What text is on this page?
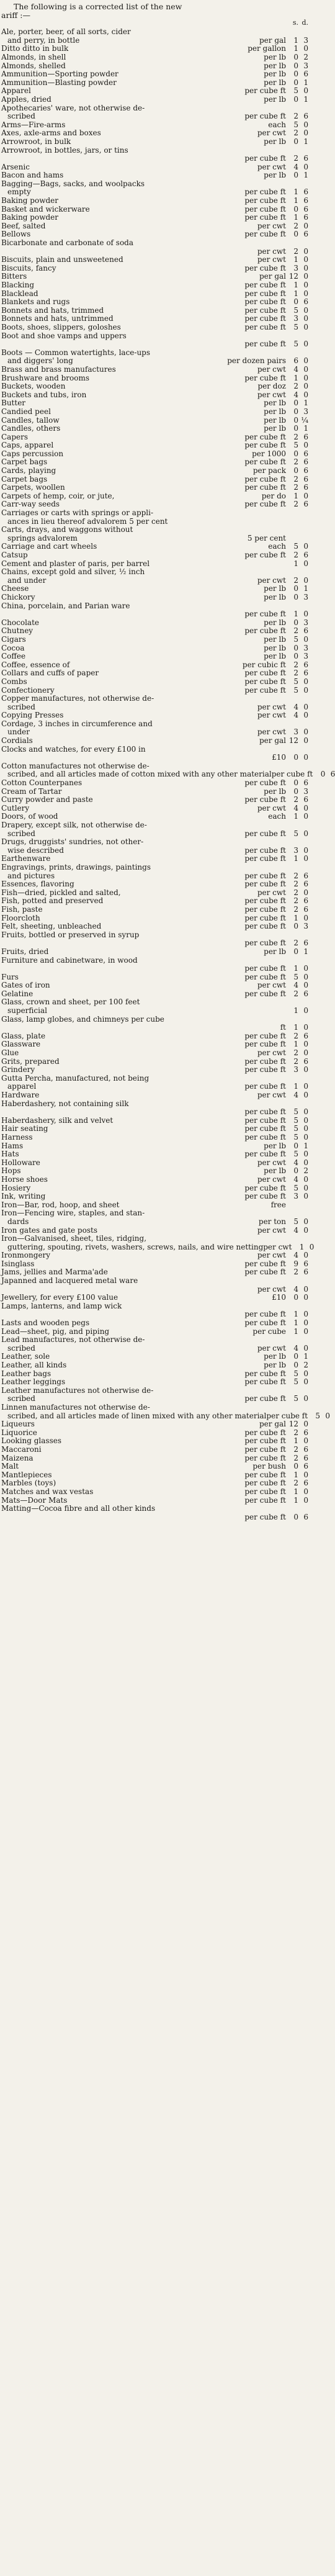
The following is a corrected list of the new
ariff :—
s. d.
Ale, porter, beer, of all sorts, cider
and perry, in bottle	per gal	1 3
Ditto ditto in bulk	per gallon	1 0
Almonds, in shell	per lb	0 2
Almonds, shelled	per lb	0 3
Ammunition—Sporting powder	per lb	0 6
Ammunition—Blasting powder	per lb	0 1
Apparel	per cube ft	5 0
Apples, dried	per lb	0 1
Apothecaries' ware, not otherwise de-
scribed	per cube ft	2 6
Arms—Fire-arms	each	5 0
Axes, axle-arms and boxes	per cwt	2 0
Arrowroot, in bulk	per lb	0 1
Arrowroot, in bottles, jars, or tins
per cube ft	2 6
Arsenic	per cwt	4 0
Bacon and hams	per lb	0 1
Bagging—Bags, sacks, and woolpacks
empty	per cube ft	1 6
Baking powder	per cube ft	1 6
Basket and wickerware	per cube ft	0 6
Baking powder	per cube ft	1 6
Beef, salted	per cwt	2 0
Bellows	per cube ft	0 6
Bicarbonate and carbonate of soda
per cwt	2 0
Biscuits, plain and unsweetened	per cwt	1 0
Biscuits, fancy	per cube ft	3 0
Bitters	per gal 12 0
Blacking	per cube ft	1 0
Blacklead	per cube ft	1 0
Blankets and rugs	per cube ft	0 6
Bonnets and hats, trimmed	per cube ft	5 0
Bonnets and hats, untrimmed	per cube ft	3 0
Boots, shoes, slippers, goloshes	per cube ft	5 0
Boot and shoe vamps and uppers
per cube ft	5 0
Boots — Common watertights, lace-ups
and diggers' long	per dozen pairs	6 0
Brass and brass manufactures	per cwt	4 0
Brushware and brooms	per cube ft	1 0
Buckets, wooden	per doz	2 0
Buckets and tubs, iron	per cwt	4 0
Butter	per lb	0 1
Candied peel	per lb	0 3
Candles, tallow	per lb	0 ¼
Candles, others	per lb	0 1
Capers	per cube ft	2 6
Caps, apparel	per cube ft	5 0
Caps percussion	per 1000	0 6
Carpet bags	per cube ft	2 6
Cards, playing	per pack	0 6
Carpet bags	per cube ft	2 6
Carpets, woollen	per cube ft	2 6
Carpets of hemp, coir, or jute,	per do	1 0
Carr-way seeds	per cube ft	2 6
Carriages or carts with springs or appli-
ances in lieu thereof advalorem 5 per cent
Carts, drays, and waggons without
springs advalorem	5 per cent
Carriage and cart wheels	each	5 0
Catsup	per cube ft	2 6
Cement and plaster of paris, per barrel	1 0
Chains, except gold and silver, ½ inch
and under	per cwt	2 0
Cheese	per lb	0 1
Chickory	per lb	0 3
China, porcelain, and Parian ware
per cube ft	1 0
Chocolate	per lb	0 3
Chutney	per cube ft	2 6
Cigars	per lb	5 0
Cocoa	per lb	0 3
Coffee	per lb	0 3
Coffee, essence of	per cubic ft	2 6
Collars and cuffs of paper	per cube ft	2 6
Combs	per cube ft	5 0
Confectionery	per cube ft	5 0
Copper manufactures, not otherwise de-
scribed	per cwt	4 0
Copying Presses	per cwt	4 0
Cordage, 3 inches in circumference and
under	per cwt	3 0
Cordials	per gal 12 0
Clocks and watches, for every £100 in
£10	0 0
Cotton manufactures not otherwise de-
scribed, and all articles made of cotton mixed with any other material per cube ft	0 6
Cotton Counterpanes	per cube ft	0 6
Cream of Tartar	per lb	0 3
Curry powder and paste	per cube ft	2 6
Cutlery	per cwt	4 0
Doors, of wood	each	1 0
Drapery, except silk, not otherwise de-
scribed	per cube ft	5 0
Drugs, druggists' sundries, not other-
wise described	per cube ft	3 0
Earthenware	per cube ft	1 0
Engravings, prints, drawings, paintings
and pictures	per cube ft	2 6
Essences, flavoring	per cube ft	2 6
Fish—dried, pickled and salted,	per cwt	2 0
Fish, potted and preserved	per cube ft	2 6
Fish, paste	per cube ft	2 6
Floorcloth	per cube ft	1 0
Felt, sheeting, unbleached	per cube ft	0 3
Fruits, bottled or preserved in syrup
per cube ft	2 6
Fruits, dried	per lb	0 1
Furniture and cabinetware, in wood
per cube ft	1 0
Furs	per cube ft	5 0
Gates of iron	per cwt	4 0
Gelatine	per cube ft	2 6
Glass, crown and sheet, per 100 feet
superficial	1 0
Glass, lamp globes, and chimneys per cube
ft	1 0
Glass, plate	per cube ft	2 6
Glassware	per cube ft	1 0
Glue	per cwt	2 0
Grits, prepared	per cube ft	2 6
Grindery	per cube ft	3 0
Gutta Percha, manufactured, not being
apparel	per cube ft	1 0
Hardware	per cwt	4 0
Haberdashery, not containing silk
per cube ft	5 0
Haberdashery, silk and velvet	per cube ft	5 0
Hair seating	per cube ft	5 0
Harness	per cube ft	5 0
Hams	per lb	0 1
Hats	per cube ft	5 0
Holloware	per cwt	4 0
Hops	per lb	0 2
Horse shoes	per cwt	4 0
Hosiery	per cube ft	5 0
Ink, writing	per cube ft	3 0
Iron—Bar, rod, hoop, and sheet	free
Iron—Fencing wire, staples, and stan-
dards	per ton	5 0
Iron gates and gate posts	per cwt	4 0
Iron—Galvanised, sheet, tiles, ridging,
guttering, spouting, rivets, washers, screws, nails, and wire netting per cwt	1 0
Ironmongery	per cwt	4 0
Isinglass	per cube ft	9 6
Jams, jellies and Marma'ade	per cube ft	2 6
Japanned and lacquered metal ware
per cwt	4 0
Jewellery, for every £100 value	£10	0 0
Lamps, lanterns, and lamp wick
per cube ft	1 0
Lasts and wooden pegs	per cube ft	1 0
Lead—sheet, pig, and piping	per cube	1 0
Lead manufactures, not otherwise de-
scribed	per cwt	4 0
Leather, sole	per lb	0 1
Leather, all kinds	per lb	0 2
Leather bags	per cube ft	5 0
Leather leggings	per cube ft	5 0
Leather manufactures not otherwise de-
scribed	per cube ft	5 0
Linnen manufactures not otherwise de-
scribed, and all articles made of linen mixed with any other material per cube ft	5 0
Liqueurs	per gal 12 0
Liquorice	per cube ft	2 6
Looking glasses	per cube ft	1 0
Maccaroni	per cube ft	2 6
Maizena	per cube ft	2 6
Malt	per bush	0 6
Mantlepieces	per cube ft	1 0
Marbles (toys)	per cube ft	2 6
Matches and wax vestas	per cube ft	1 0
Mats—Door Mats	per cube ft	1 0
Matting—Cocoa fibre and all other kinds
per cube ft	0 6
